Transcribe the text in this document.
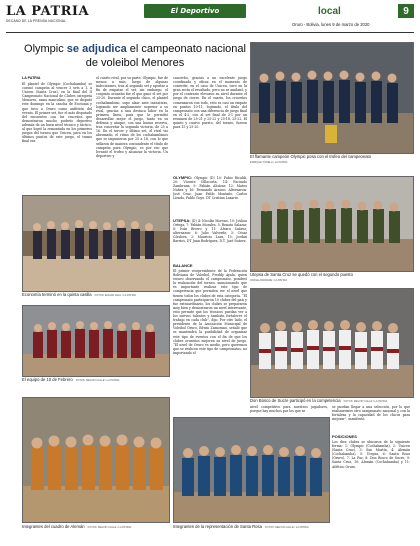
LA PATRIA
DECANO DE LA PRENSA NACIONAL
El Deportivo	local	9
Oruro - Bolivia, lunes 9 de marzo de 2020
Olympic se adjudica el campeonato nacional de voleibol Menores
LA PATRIA
El plantel de Olympic (Cochabamba) se coronó campeón al vencer 3 sets a 1, a Unicen (Santa Cruz), en la final del II Campeonato Nacional de Clubes categoría Menores, rama masculina, que se disputó este domingo en la cancha de Ecotonia y que tuvo a Oruro como anfitrión del evento. El primer set, fue el más disputado del encuentro con los cruceños que demostraron mucho poderío deportivo además de un buen nivel técnico y táctico, al que logró la remontada en los primeros juegos del torneo que Unicen, para en los últimos puntos de este juego, el tramo final era
el cuarto rival, por su parte, Olympic, fue de menos a más, luego de algunas indecisiones, tras al segundo set y aportar a fin de empatar el set, sin embargo, el conjunto oruneño fue el que ganó el set por 25-20. Durante el segundo chico, el plantel cochabambino, supo alzar ante iniciativas, logrando ser ampliamente superior a su rival, gracias a una destaca labor en la primera línea, para que le permitió desarrollar mejor el juego, tanto en su defensa y ataque, con una buena reserva, tras concretar la segunda victoria, de 25 a 16. En el tercer y último set, el rival vio abrumado, el ritmo de los cochabambinos que se impusieron por 25 a 18, con lo que sellaron de manera contundente el título de campeón para Olympic, es por eso que levantó el trofeo y alcanzar la victoria. Un deportivo y
cancerbo, gracias a un excelente juego coordinado y eficaz en el momento de convertir, en el caso de Unicen, tuvo en la gran recta el resultado, pero no se amilanó, y por el contrario elevaron su nivel durante el juego de cierre. En el cuarto, los cruceños comenzaron con todo, esto es casi un empate en puntos 10-11, logrando, el título del campeonato con una diferencia de juego final en el 4-2, con al set final de 3-1 por un resumen de 25-21 y 25-22 y 25-18, 25-22. El quinto y cuarto puesto, del torneo, fueron para 15 y 25-20.
OLYMPIC: Olympic (D) 10: Fabio Ricaldi, 20: Vicente Villacorta, 14: Facundo Zambrana, 9: Fabián Alcázar, 12: Mateo Nuñez y 16: Fernando Arauco. Alternaron: José Cruz, Juan Pablo Montaño, Carlos Liendo, Pablo Goyo. DT Cristian Lazarte.
UTEPSA: (D) 4: Nicolás Moreno, 10: Joshua Ortega, 7: Fabián Morales, 5: Renato Salazar, 8: Iván Rivero y 11: Álvaro Suárez; alternaron: 6: Julio Valverde, 3: César Córdova, 2: Mauricio Lara, 15: Jordan Barrios, DT Juan Rodríguez, D.T. José Suárez.
BALANCE
El primer vicepresidente de la Federación Boliviana de Voleibol, Freddy Ayala, quien estuvo observando el campeonato, ponderó la realización del torneo, mencionando que es importante realizar este tipo de competencia que permiten ver el nivel que tienen todos los clubes de esta categoría. “El campeonato participaron 10 clubes del país y fue extraordinario, los clubes se prepararon muy bien y demostraron un nivel interesante, esto permite que los técnicos puedan ver a los nuevos talentos y también fortalecer el trabajo en cada club”, dijo. Por otro lado, el presidente de la Asociación Municipal de Voleibol Oruro, Edwin Zamorano, señaló que se mantendrá la posibilidad de organizar este tipo de eventos con el fin de que los clubes orureños mejoren su nivel de juego. “El nivel de Oruro es medio, pero queremos que se realicen este tipo de campeonatos, no importando el
nivel competitivo para nuestros jugadores, porque hay muchos por los que se
se puedan llegar a una selección, por lo que realizaremos otro campeonato nacional y con la fortaleza y la capacidad de los chicos para mejorar”, manifestó.
POSICIONES
Los diez clubes se ubicaron de la siguiente forma: 1: Olympic (Cochabamba), 2: Unicen (Santa Cruz), 3: San Martín, 4: Alemán (Cochabamba), 5: Utepsa, 6: Santa Rosa (Oruro), 7: La Paz, 8: Don Bosco de Sucre, 9: Santa Cruz, 10: Alemán (Cochabamba) y 11: Atlético Oruro.
Economía terminó en la quinta casilla FOTOS: EDGAR LEAL / LA PATRIA
El flamante campeón Olympic posa con el trofeo del campeonato
ENRIQUE TUDELA / LA PATRIA
Utepsa de Santa Cruz se quedó con el segundo puesto
JORGE ANDRADE / LA PATRIA
El equipo de 10 de Febrero FOTOS: MELVIN CALLE / LA PATRIA
Don Bosco de Sucre participó en la competencia FOTOS: MELVIN CALLE / LA PATRIA
Integrantes del cuadro de Alemán FOTOS: MELVIN CALLE / LA PATRIA	Integrantes de la representación de Santa Rosa FOTOS: MELVIN CALLE / LA PATRIA
